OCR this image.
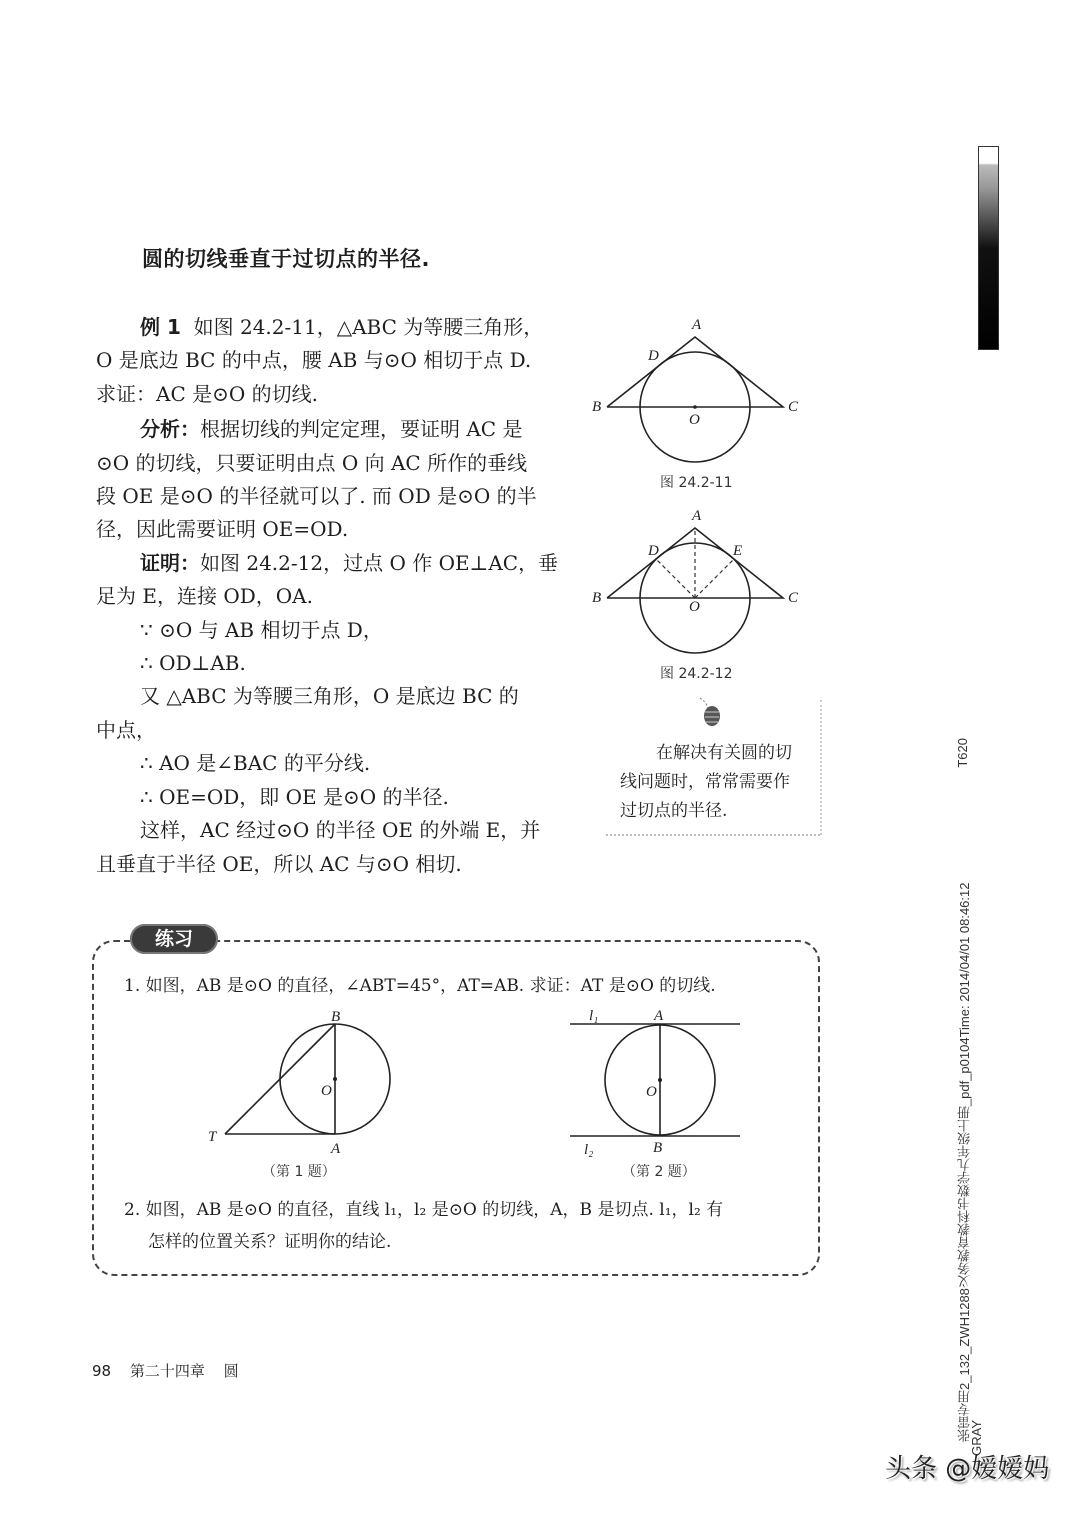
圆的切线垂直于过切点的半径.

例 1 如图 24.2-11，△ABC 为等腰三角形，

O 是底边 BC 的中点，腰 AB 与⊙O 相切于点 D.

求证：AC 是⊙O 的切线.

分析：根据切线的判定定理，要证明 AC 是

⊙O 的切线，只要证明由点 O 向 AC 所作的垂线

段 OE 是⊙O 的半径就可以了. 而 OD 是⊙O 的半

径，因此需要证明 OE=OD.

证明：如图 24.2-12，过点 O 作 OE⊥AC，垂

足为 E，连接 OD，OA.

∵ ⊙O 与 AB 相切于点 D，

∴ OD⊥AB.

又 △ABC 为等腰三角形，O 是底边 BC 的

中点，

∴ AO 是∠BAC 的平分线.

∴ OE=OD，即 OE 是⊙O 的半径.

这样，AC 经过⊙O 的半径 OE 的外端 E，并

且垂直于半径 OE，所以 AC 与⊙O 相切.

A
D
B	C
O
图 24.2-11
A
D	E
B	C
O
图 24.2-12
在解决有关圆的切
线问题时，常常需要作
过切点的半径.
练习
1. 如图，AB 是⊙O 的直径，∠ABT=45°，AT=AB. 求证：AT 是⊙O 的切线.
B
O
T
A
（第 1 题）
l₁	A
O
l₂	B
（第 2 题）
2. 如图，AB 是⊙O 的直径，直线 l₁，l₂ 是⊙O 的切线，A，B 是切点. l₁，l₂ 有
怎样的位置关系？证明你的结论.
98 第二十四章 圆
T620
张雷专用2_132_ZWH1288义务教育教科书数学九年级上册_pdf_p0104Time: 2014/04/01 08:46:12
GRAY
头条 @嫒嫒妈
